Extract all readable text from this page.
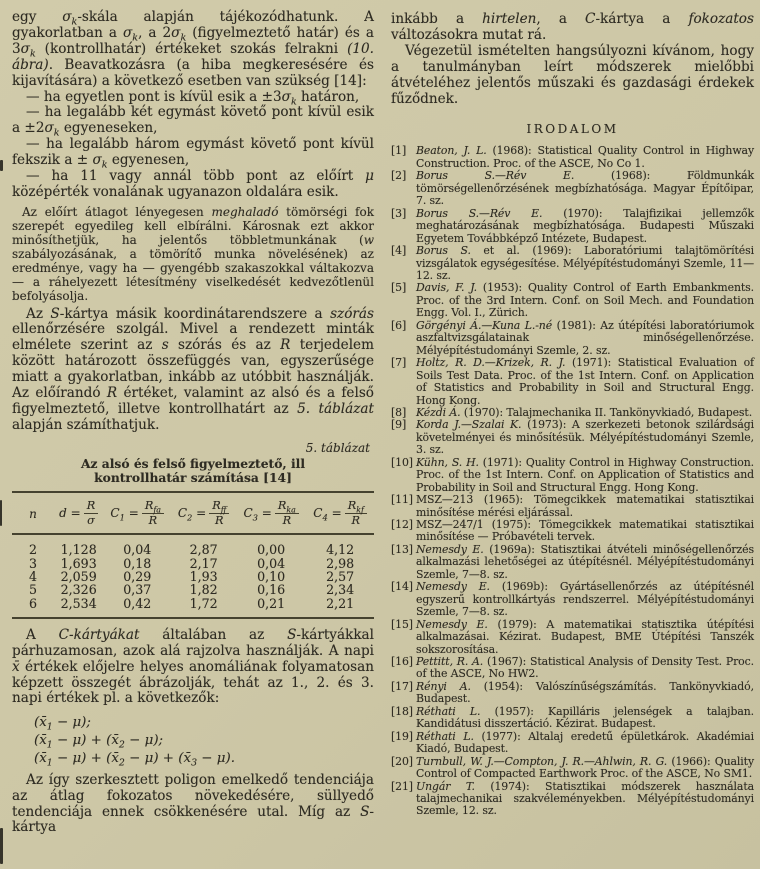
egy $\sigma_k$-skála alapján tájékozódhatunk. A gyakorlatban a $\sigma_k$, a $2\sigma_k$ (figyelmeztető határ) és a $3\sigma_k$ (kontrollhatár) értékeket szokás felrakni (10. ábra). Beavatkozásra (a hiba megkeresésére és kijavítására) a következő esetben van szükség [14]:

— ha egyetlen pont is kívül esik $a \pm 3\sigma_k$ határon,

— ha legalább két egymást követő pont kívül esik $a \pm 2\sigma_k$ egyeneseken,

— ha legalább három egymást követő pont kívül fekszik $a \pm \sigma_k$ egyenesen,

— ha 11 vagy annál több pont az előírt μ középérték vonalának ugyanazon oldalára esik.

Az előírt átlagot lényegesen meghaladó tömörségi fok szerepét egyedileg kell elbírálni. Károsnak ezt akkor minősíthetjük, ha jelentős többletmunkának (w szabályozásának, a tömörítő munka növelésének) az eredménye, vagy ha — gyengébb szakaszokkal váltakozva — a ráhelyezett létesítmény viselkedését kedvezőtlenül befolyásolja.

Az S-kártya másik koordinátarendszere a szórás ellenőrzésére szolgál. Mivel a rendezett minták elmélete szerint az s szórás és az R terjedelem között határozott összefüggés van, egyszerűsége miatt a gyakorlatban, inkább az utóbbit használják. Az előírandó R értéket, valamint az alsó és a felső figyelmeztető, illetve kontrollhatárt az 5. táblázat alapján számíthatjuk.

5. táblázat
Az alsó és felső figyelmeztető, ill kontrollhatár számítása [14]
n	$d = \frac{R}{\sigma}$	$C_1 = \frac{R_{fa}}{R}$	$C_2 = \frac{R_{ff}}{R}$	$C_3 = \frac{R_{ka}}{R}$	$C_4 = \frac{R_{kf}}{R}$

2	1,128	0,04	2,87	0,00	4,12
3	1,693	0,18	2,17	0,04	2,98
4	2,059	0,29	1,93	0,10	2,57
5	2,326	0,37	1,82	0,16	2,34
6	2,534	0,42	1,72	0,21	2,21

A C-kártyákat általában az S-kártyákkal párhuzamosan, azok alá rajzolva használják. A napi x̄ értékek előjelre helyes anomáliának folyamatosan képzett összegét ábrázolják, tehát az 1., 2. és 3. napi értékek pl. a következők:

$(x̄_1 - \mu)$;
$(x̄_1 - \mu)$ + $(x̄_2 - \mu)$;
$(x̄_1 - \mu)$ + $(x̄_2 - \mu)$ + $(x̄_3 - \mu)$.

Az így szerkesztett poligon emelkedő tendenciája az átlag fokozatos növekedésére, süllyedő tendenciája ennek csökkenésére utal. Míg az S-kártya

inkább a hirtelen, a C-kártya a fokozatos változásokra mutat rá.

Végezetül ismételten hangsúlyozni kívánom, hogy a tanulmányban leírt módszerek mielőbbi átvételéhez jelentős műszaki és gazdasági érdekek fűződnek.

IRODALOM
[1] Beaton, J. L. (1968): Statistical Quality Control in Highway Construction. Proc. of the ASCE, No Co 1.
[2] Borus S.—Rév E. (1968): Földmunkák tömörségellenőrzésének megbízhatósága. Magyar Építőipar, 7. sz.
[3] Borus S.—Rév E. (1970): Talajfizikai jellemzők meghatározásának megbízhatósága. Budapesti Műszaki Egyetem Továbbképző Intézete, Budapest.
[4] Borus S. et al. (1969): Laboratóriumi talajtömörítési vizsgálatok egységesítése. Mélyépítéstudományi Szemle, 11—12. sz.
[5] Davis, F. J. (1953): Quality Control of Earth Embankments. Proc. of the 3rd Intern. Conf. on Soil Mech. and Foundation Engg. Vol. I., Zürich.
[6] Görgényi Á.—Kuna L.-né (1981): Az útépítési laboratóriumok aszfaltvizsgálatainak minőségellenőrzése. Mélyépítéstudományi Szemle, 2. sz.
[7] Holtz, R. D.—Krizek, R. J. (1971): Statistical Evaluation of Soils Test Data. Proc. of the 1st Intern. Conf. on Application of Statistics and Probability in Soil and Structural Engg. Hong Kong.
[8] Kézdi Á. (1970): Talajmechanika II. Tankönyvkiadó, Budapest.
[9] Korda J.—Szalai K. (1973): A szerkezeti betonok szilárdsági követelményei és minősítésük. Mélyépítéstudományi Szemle, 3. sz.
[10] Kühn, S. H. (1971): Quality Control in Highway Construction. Proc. of the 1st Intern. Conf. on Application of Statistics and Probability in Soil and Structural Engg. Hong Kong.
[11] MSZ—213 (1965): Tömegcikkek matematikai statisztikai minősítése mérési eljárással.
[12] MSZ—247/1 (1975): Tömegcikkek matematikai statisztikai minősítése — Próbavételi tervek.
[13] Nemesdy E. (1969a): Statisztikai átvételi minőségellenőrzés alkalmazási lehetőségei az útépítésnél. Mélyépítéstudományi Szemle, 7—8. sz.
[14] Nemesdy E. (1969b): Gyártásellenőrzés az útépítésnél egyszerű kontrollkártyás rendszerrel. Mélyépítéstudományi Szemle, 7—8. sz.
[15] Nemesdy E. (1979): A matematikai statisztika útépítési alkalmazásai. Kézirat. Budapest, BME Útépítési Tanszék sokszorosítása.
[16] Pettitt, R. A. (1967): Statistical Analysis of Density Test. Proc. of the ASCE, No HW2.
[17] Rényi A. (1954): Valószínűségszámítás. Tankönyvkiadó, Budapest.
[18] Réthati L. (1957): Kapilláris jelenségek a talajban. Kandidátusi disszertáció. Kézirat. Budapest.
[19] Réthati L. (1977): Altalaj eredetű épületkárok. Akadémiai Kiadó, Budapest.
[20] Turnbull, W. J.—Compton, J. R.—Ahlwin, R. G. (1966): Quality Control of Compacted Earthwork Proc. of the ASCE, No SM1.
[21] Ungár T. (1974): Statisztikai módszerek használata talajmechanikai szakvéleményekben. Mélyépítéstudományi Szemle, 12. sz.
